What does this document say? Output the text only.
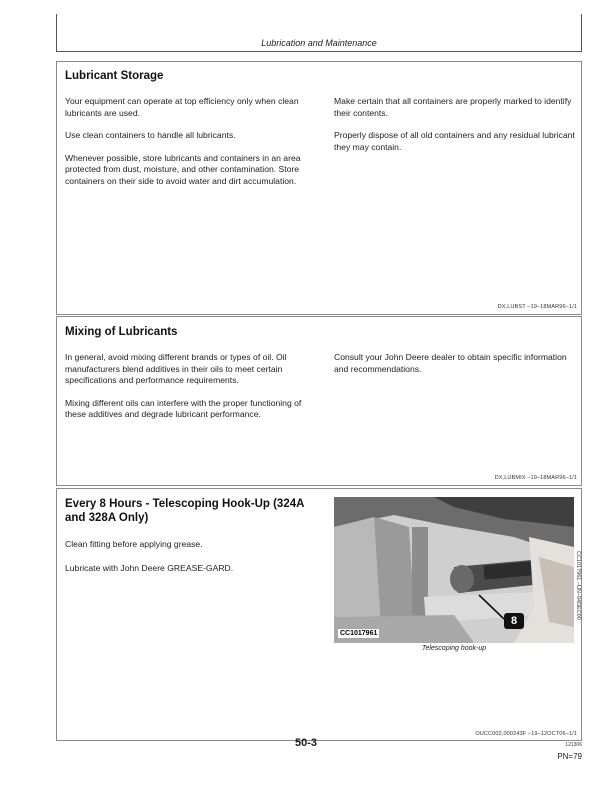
Lubrication and Maintenance
Lubricant Storage

Your equipment can operate at top efficiency only when clean lubricants are used.

Use clean containers to handle all lubricants.

Whenever possible, store lubricants and containers in an area protected from dust, moisture, and other contamination. Store containers on their side to avoid water and dirt accumulation.

Make certain that all containers are properly marked to identify their contents.

Properly dispose of all old containers and any residual lubricant they may contain.

DX,LUBST –19–18MAR96–1/1
Mixing of Lubricants

In general, avoid mixing different brands or types of oil. Oil manufacturers blend additives in their oils to meet certain specifications and performance requirements.

Mixing different oils can interfere with the proper functioning of these additives and degrade lubricant performance.

Consult your John Deere dealer to obtain specific information and recommendations.

DX,LUBMIX –19–18MAR96–1/1
Every 8 Hours - Telescoping Hook-Up (324A
and 328A Only)

Clean fitting before applying grease.

Lubricate with John Deere GREASE-GARD.

CC1017961
8
CC1017961 –UN–04DEC00
Telescoping hook-up
OUCC002,000243F –19–12OCT06–1/1
50-3	121306
PN=79
